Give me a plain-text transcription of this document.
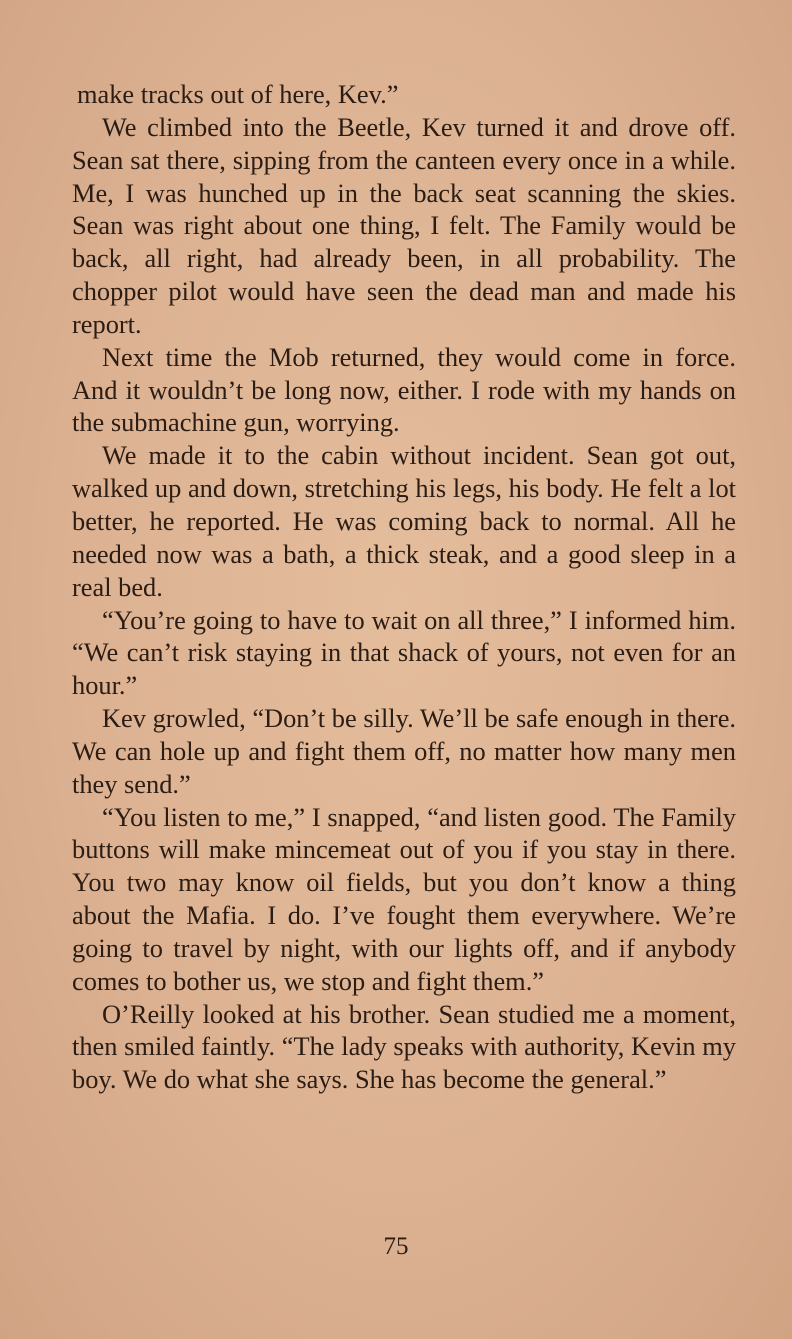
make tracks out of here, Kev.”

We climbed into the Beetle, Kev turned it and drove off. Sean sat there, sipping from the canteen every once in a while. Me, I was hunched up in the back seat scanning the skies. Sean was right about one thing, I felt. The Family would be back, all right, had already been, in all probability. The chopper pilot would have seen the dead man and made his report.

Next time the Mob returned, they would come in force. And it wouldn’t be long now, either. I rode with my hands on the submachine gun, worrying.

We made it to the cabin without incident. Sean got out, walked up and down, stretching his legs, his body. He felt a lot better, he reported. He was coming back to normal. All he needed now was a bath, a thick steak, and a good sleep in a real bed.

“You’re going to have to wait on all three,” I informed him. “We can’t risk staying in that shack of yours, not even for an hour.”

Kev growled, “Don’t be silly. We’ll be safe enough in there. We can hole up and fight them off, no matter how many men they send.”

“You listen to me,” I snapped, “and listen good. The Family buttons will make mincemeat out of you if you stay in there. You two may know oil fields, but you don’t know a thing about the Mafia. I do. I’ve fought them everywhere. We’re going to travel by night, with our lights off, and if anybody comes to bother us, we stop and fight them.”

O’Reilly looked at his brother. Sean studied me a moment, then smiled faintly. “The lady speaks with authority, Kevin my boy. We do what she says. She has become the general.”

75
